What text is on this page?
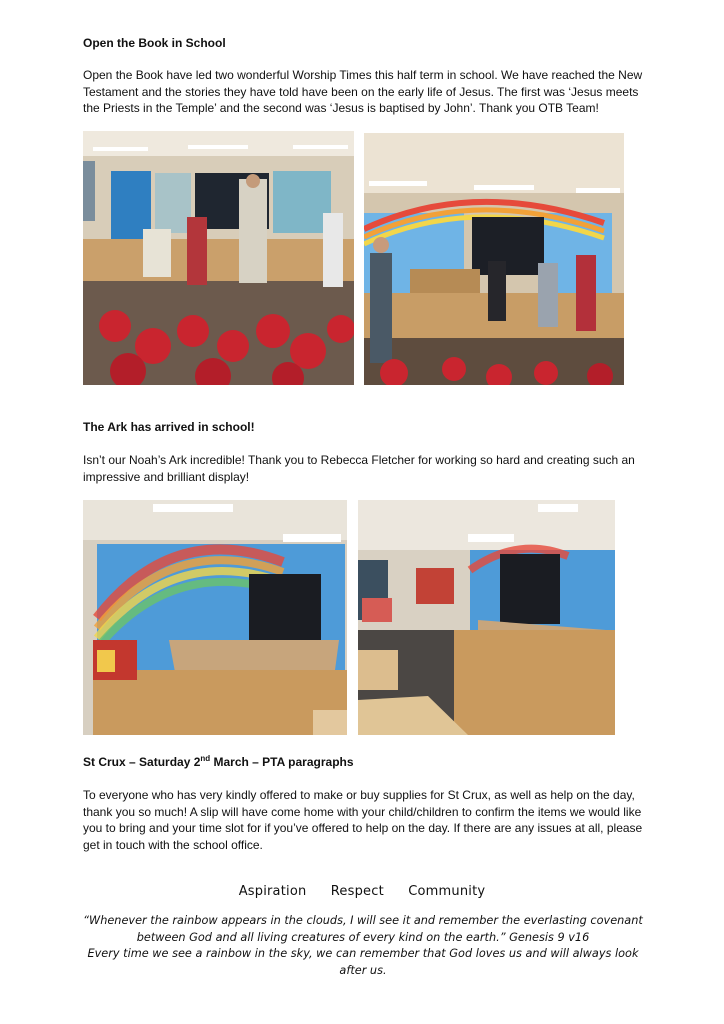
Open the Book in School
Open the Book have led two wonderful Worship Times this half term in school. We have reached the New Testament and the stories they have told have been on the early life of Jesus. The first was ‘Jesus meets the Priests in the Temple’ and the second was ‘Jesus is baptised by John’. Thank you OTB Team!
The Ark has arrived in school!
Isn’t our Noah’s Ark incredible! Thank you to Rebecca Fletcher for working so hard and creating such an impressive and brilliant display!
St Crux – Saturday 2nd March – PTA paragraphs
To everyone who has very kindly offered to make or buy supplies for St Crux, as well as help on the day, thank you so much! A slip will have come home with your child/children to confirm the items we would like you to bring and your time slot for if you’ve offered to help on the day. If there are any issues at all, please get in touch with the school office.
Aspiration Respect Community
“Whenever the rainbow appears in the clouds, I will see it and remember the everlasting covenant between God and all living creatures of every kind on the earth.” Genesis 9 v16
Every time we see a rainbow in the sky, we can remember that God loves us and will always look after us.
